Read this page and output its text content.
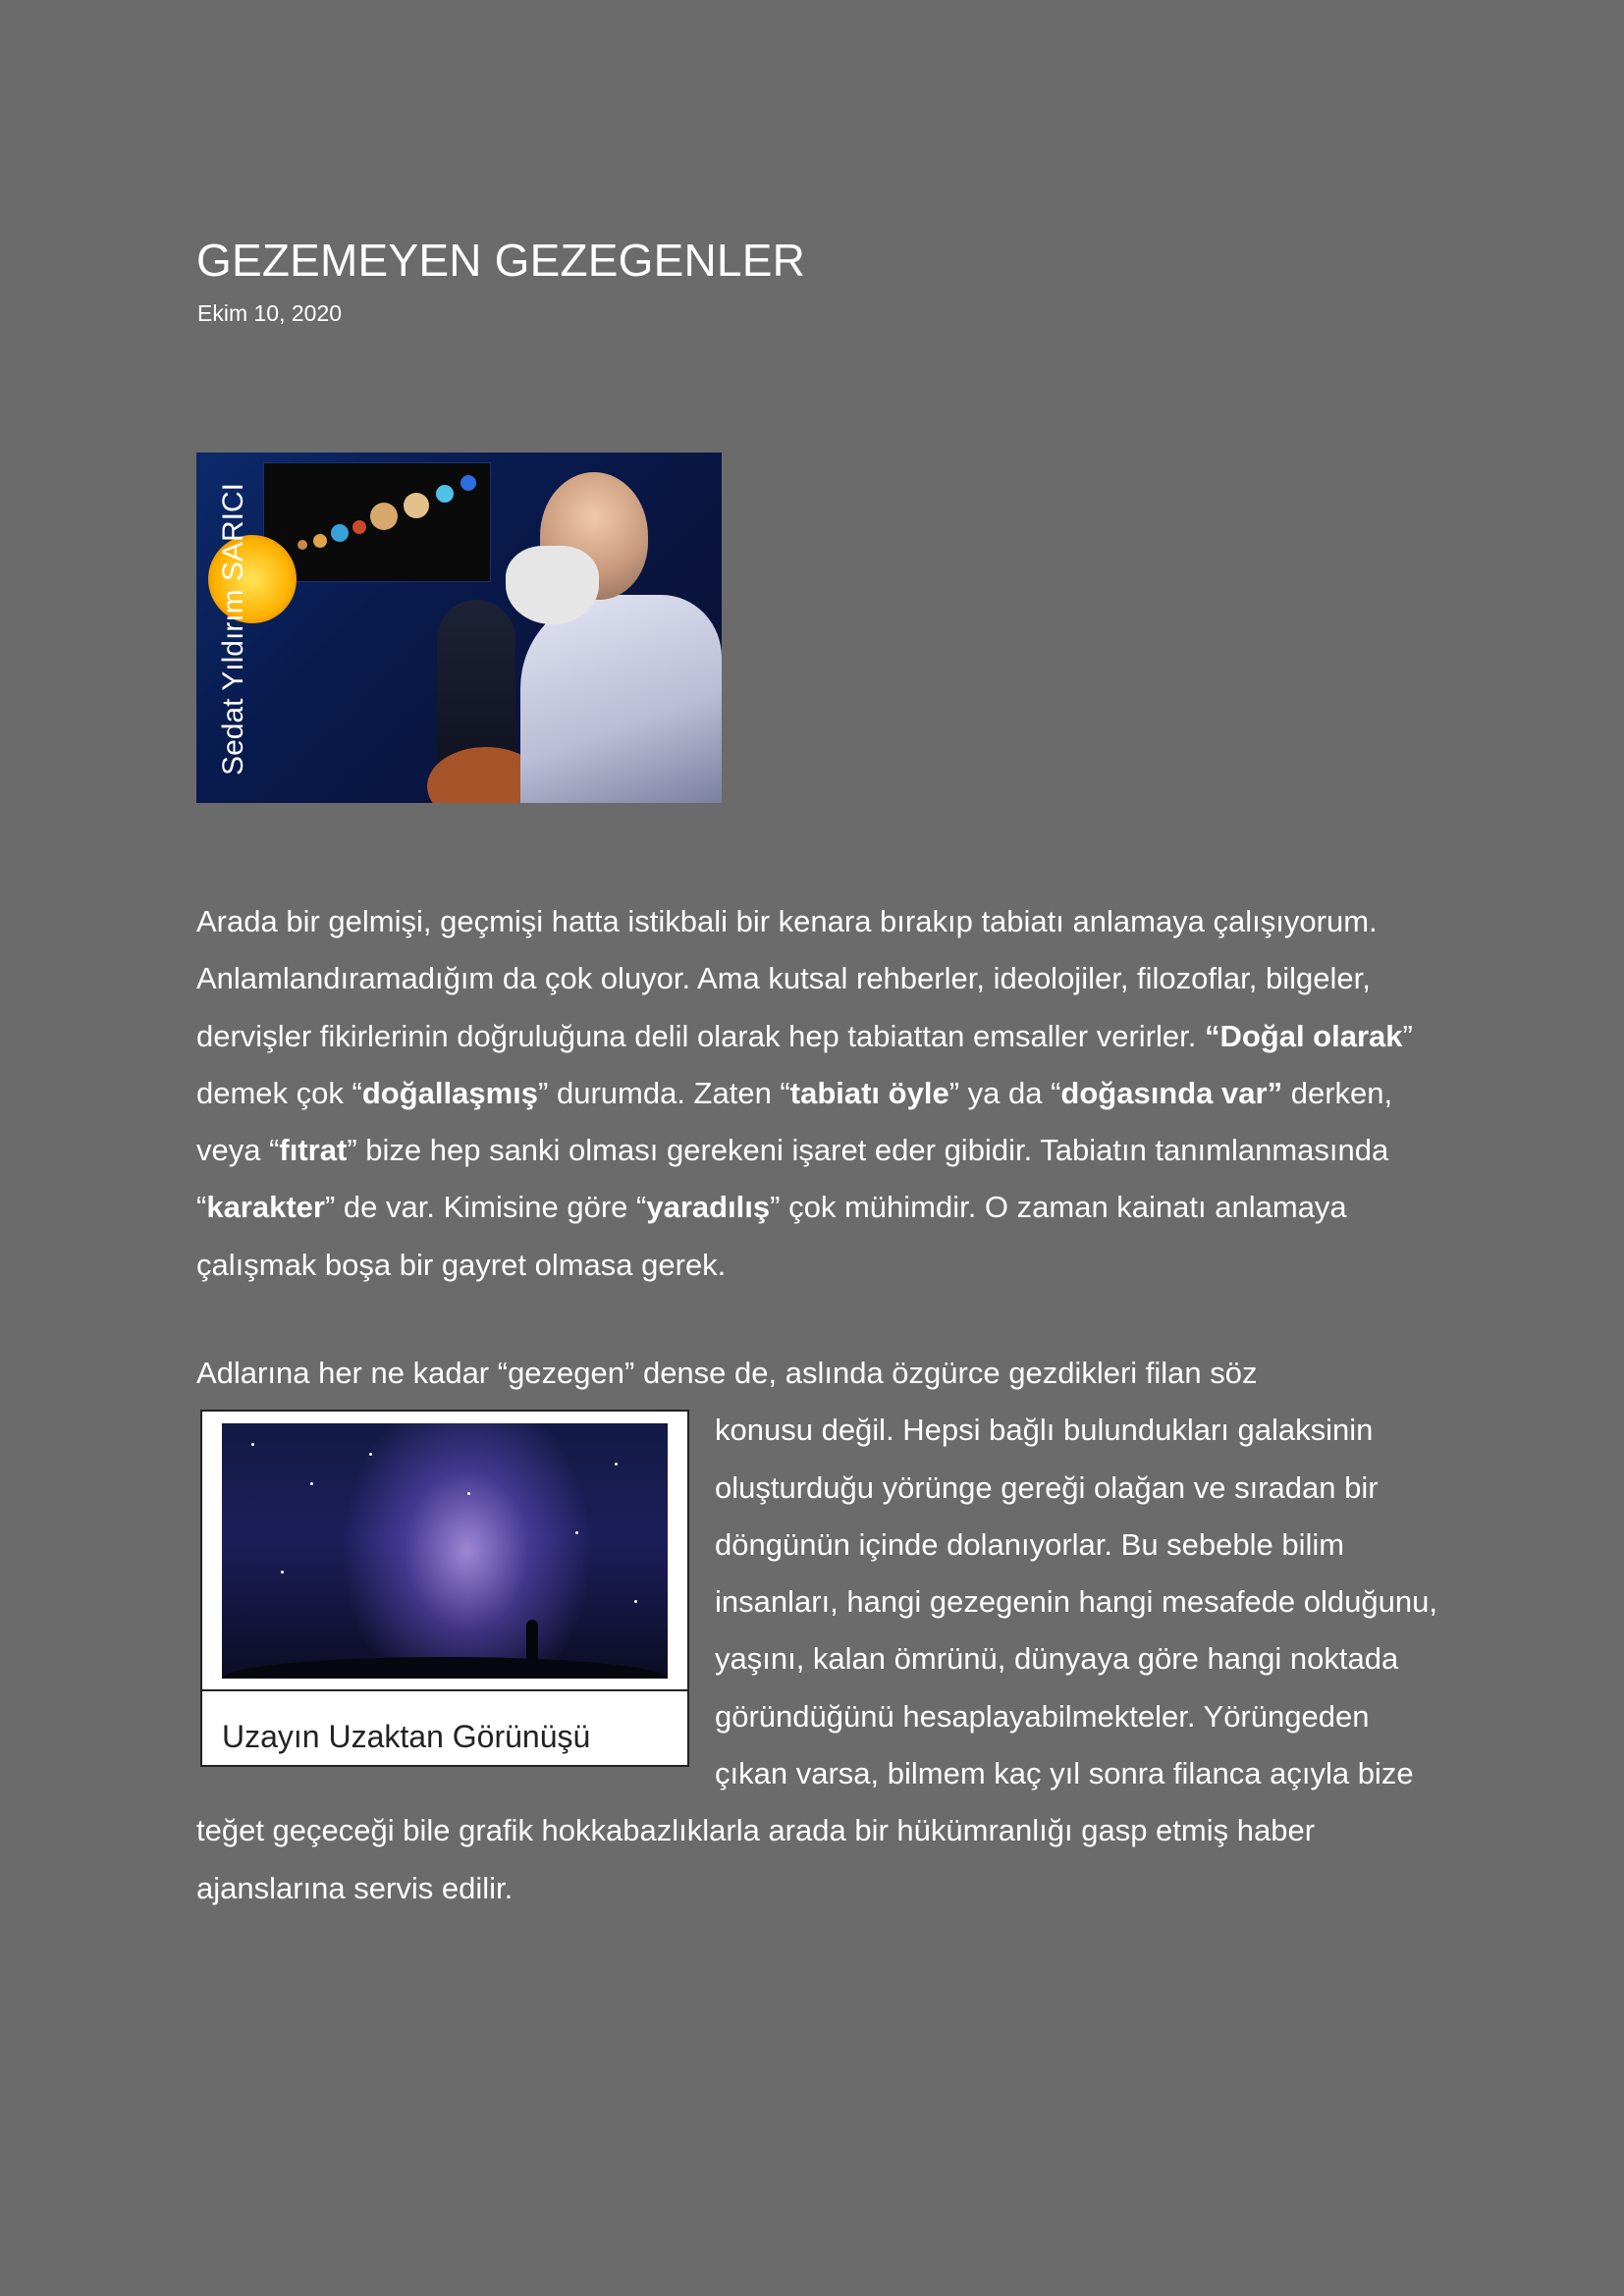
GEZEMEYEN GEZEGENLER
Ekim 10, 2020
Sedat Yıldırım SARICI

Arada bir gelmişi, geçmişi hatta istikbali bir kenara bırakıp tabiatı anlamaya çalışıyorum. Anlamlandıramadığım da çok oluyor. Ama kutsal rehberler, ideolojiler, filozoflar, bilgeler, dervişler fikirlerinin doğruluğuna delil olarak hep tabiattan emsaller verirler. “Doğal olarak” demek çok “doğallaşmış” durumda. Zaten “tabiatı öyle” ya da “doğasında var” derken, veya “fıtrat” bize hep sanki olması gerekeni işaret eder gibidir. Tabiatın tanımlanmasında “karakter” de var. Kimisine göre “yaradılış” çok mühimdir. O zaman kainatı anlamaya çalışmak boşa bir gayret olmasa gerek.

Adlarına her ne kadar “gezegen” dense de, aslında özgürce gezdikleri filan söz
Uzayın Uzaktan Görünüşü
konusu değil. Hepsi bağlı bulundukları galaksinin oluşturduğu yörünge gereği olağan ve sıradan bir döngünün içinde dolanıyorlar. Bu sebeble bilim insanları, hangi gezegenin hangi mesafede olduğunu, yaşını, kalan ömrünü, dünyaya göre hangi noktada göründüğünü hesaplayabilmekteler. Yörüngeden çıkan varsa, bilmem kaç yıl sonra filanca açıyla bize teğet geçeceği bile grafik hokkabazlıklarla arada bir hükümranlığı gasp etmiş haber ajanslarına servis edilir.
